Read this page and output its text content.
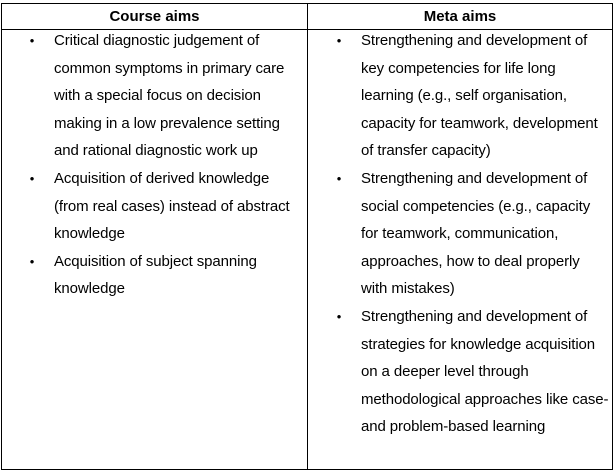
Course aims	Meta aims
• Critical diagnostic judgement of common symptoms in primary care with a special focus on decision making in a low prevalence setting and rational diagnostic work up
• Acquisition of derived knowledge (from real cases) instead of abstract knowledge
• Acquisition of subject spanning knowledge
• Strengthening and development of key competencies for life long learning (e.g., self organisation, capacity for teamwork, development of transfer capacity)
• Strengthening and development of social competencies (e.g., capacity for teamwork, communication, approaches, how to deal properly with mistakes)
• Strengthening and development of strategies for knowledge acquisition on a deeper level through methodological approaches like case- and problem-based learning
